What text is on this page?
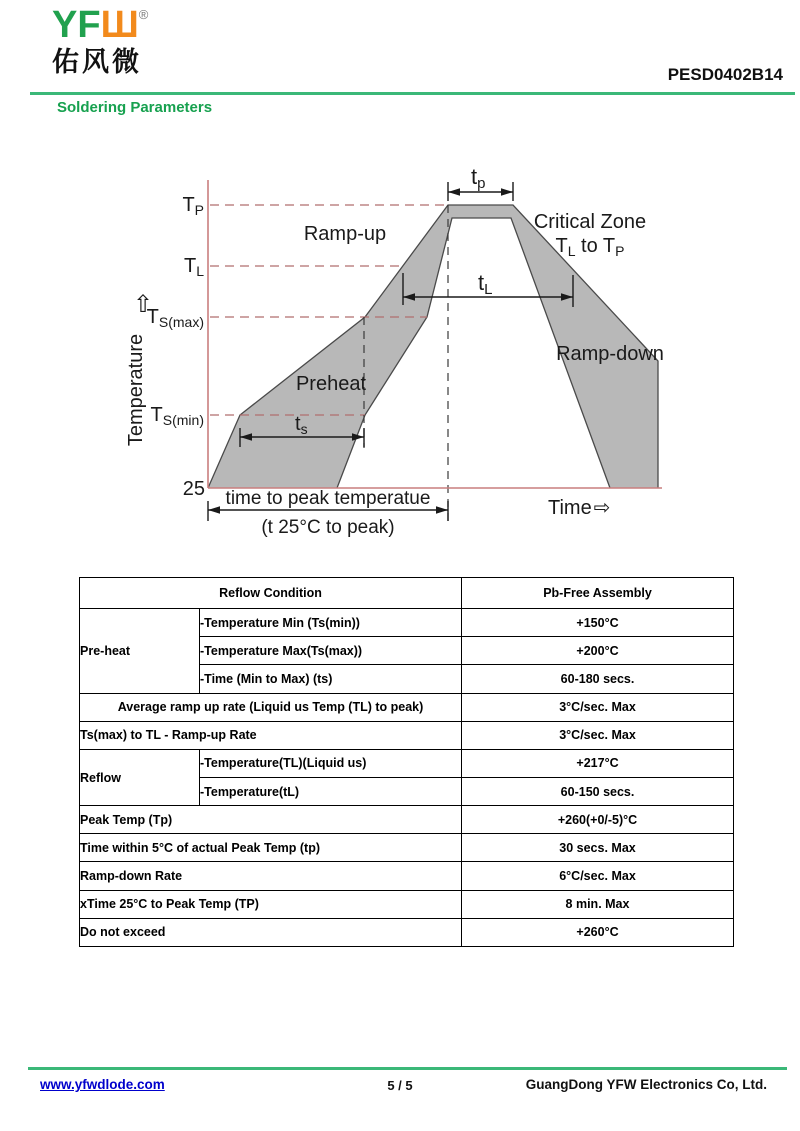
YFШ®
佑风微	PESD0402B14
Soldering Parameters
tp
tL
$t_s$
time to peak temperatue
(t 25°C to peak)
$T_P$
$T_L$
$T_{S(max)}$
$T_{S(min)}$
25
⇧
Temperature
Time ⇨
Ramp-up
Critical Zone
$T_L$ to $T_P$
Preheat
Ramp-down
Reflow Condition		Pb-Free Assembly
Pre-heat	-Temperature Min (Ts(min))	+150°C
	-Temperature Max(Ts(max))	+200°C
	-Time (Min to Max) (ts)	60-180 secs.
Average ramp up rate (Liquid us Temp (TL) to peak)		3°C/sec. Max
Ts(max) to TL - Ramp-up Rate		3°C/sec. Max
Reflow	-Temperature(TL)(Liquid us)	+217°C
	-Temperature(tL)	60-150 secs.
Peak Temp (Tp)		+260(+0/-5)°C
Time within 5°C of actual Peak Temp (tp)		30 secs. Max
Ramp-down Rate		6°C/sec. Max
xTime 25°C to Peak Temp (TP)		8 min. Max
Do not exceed		+260°C
www.yfwdlode.com	5 / 5	GuangDong YFW Electronics Co, Ltd.
